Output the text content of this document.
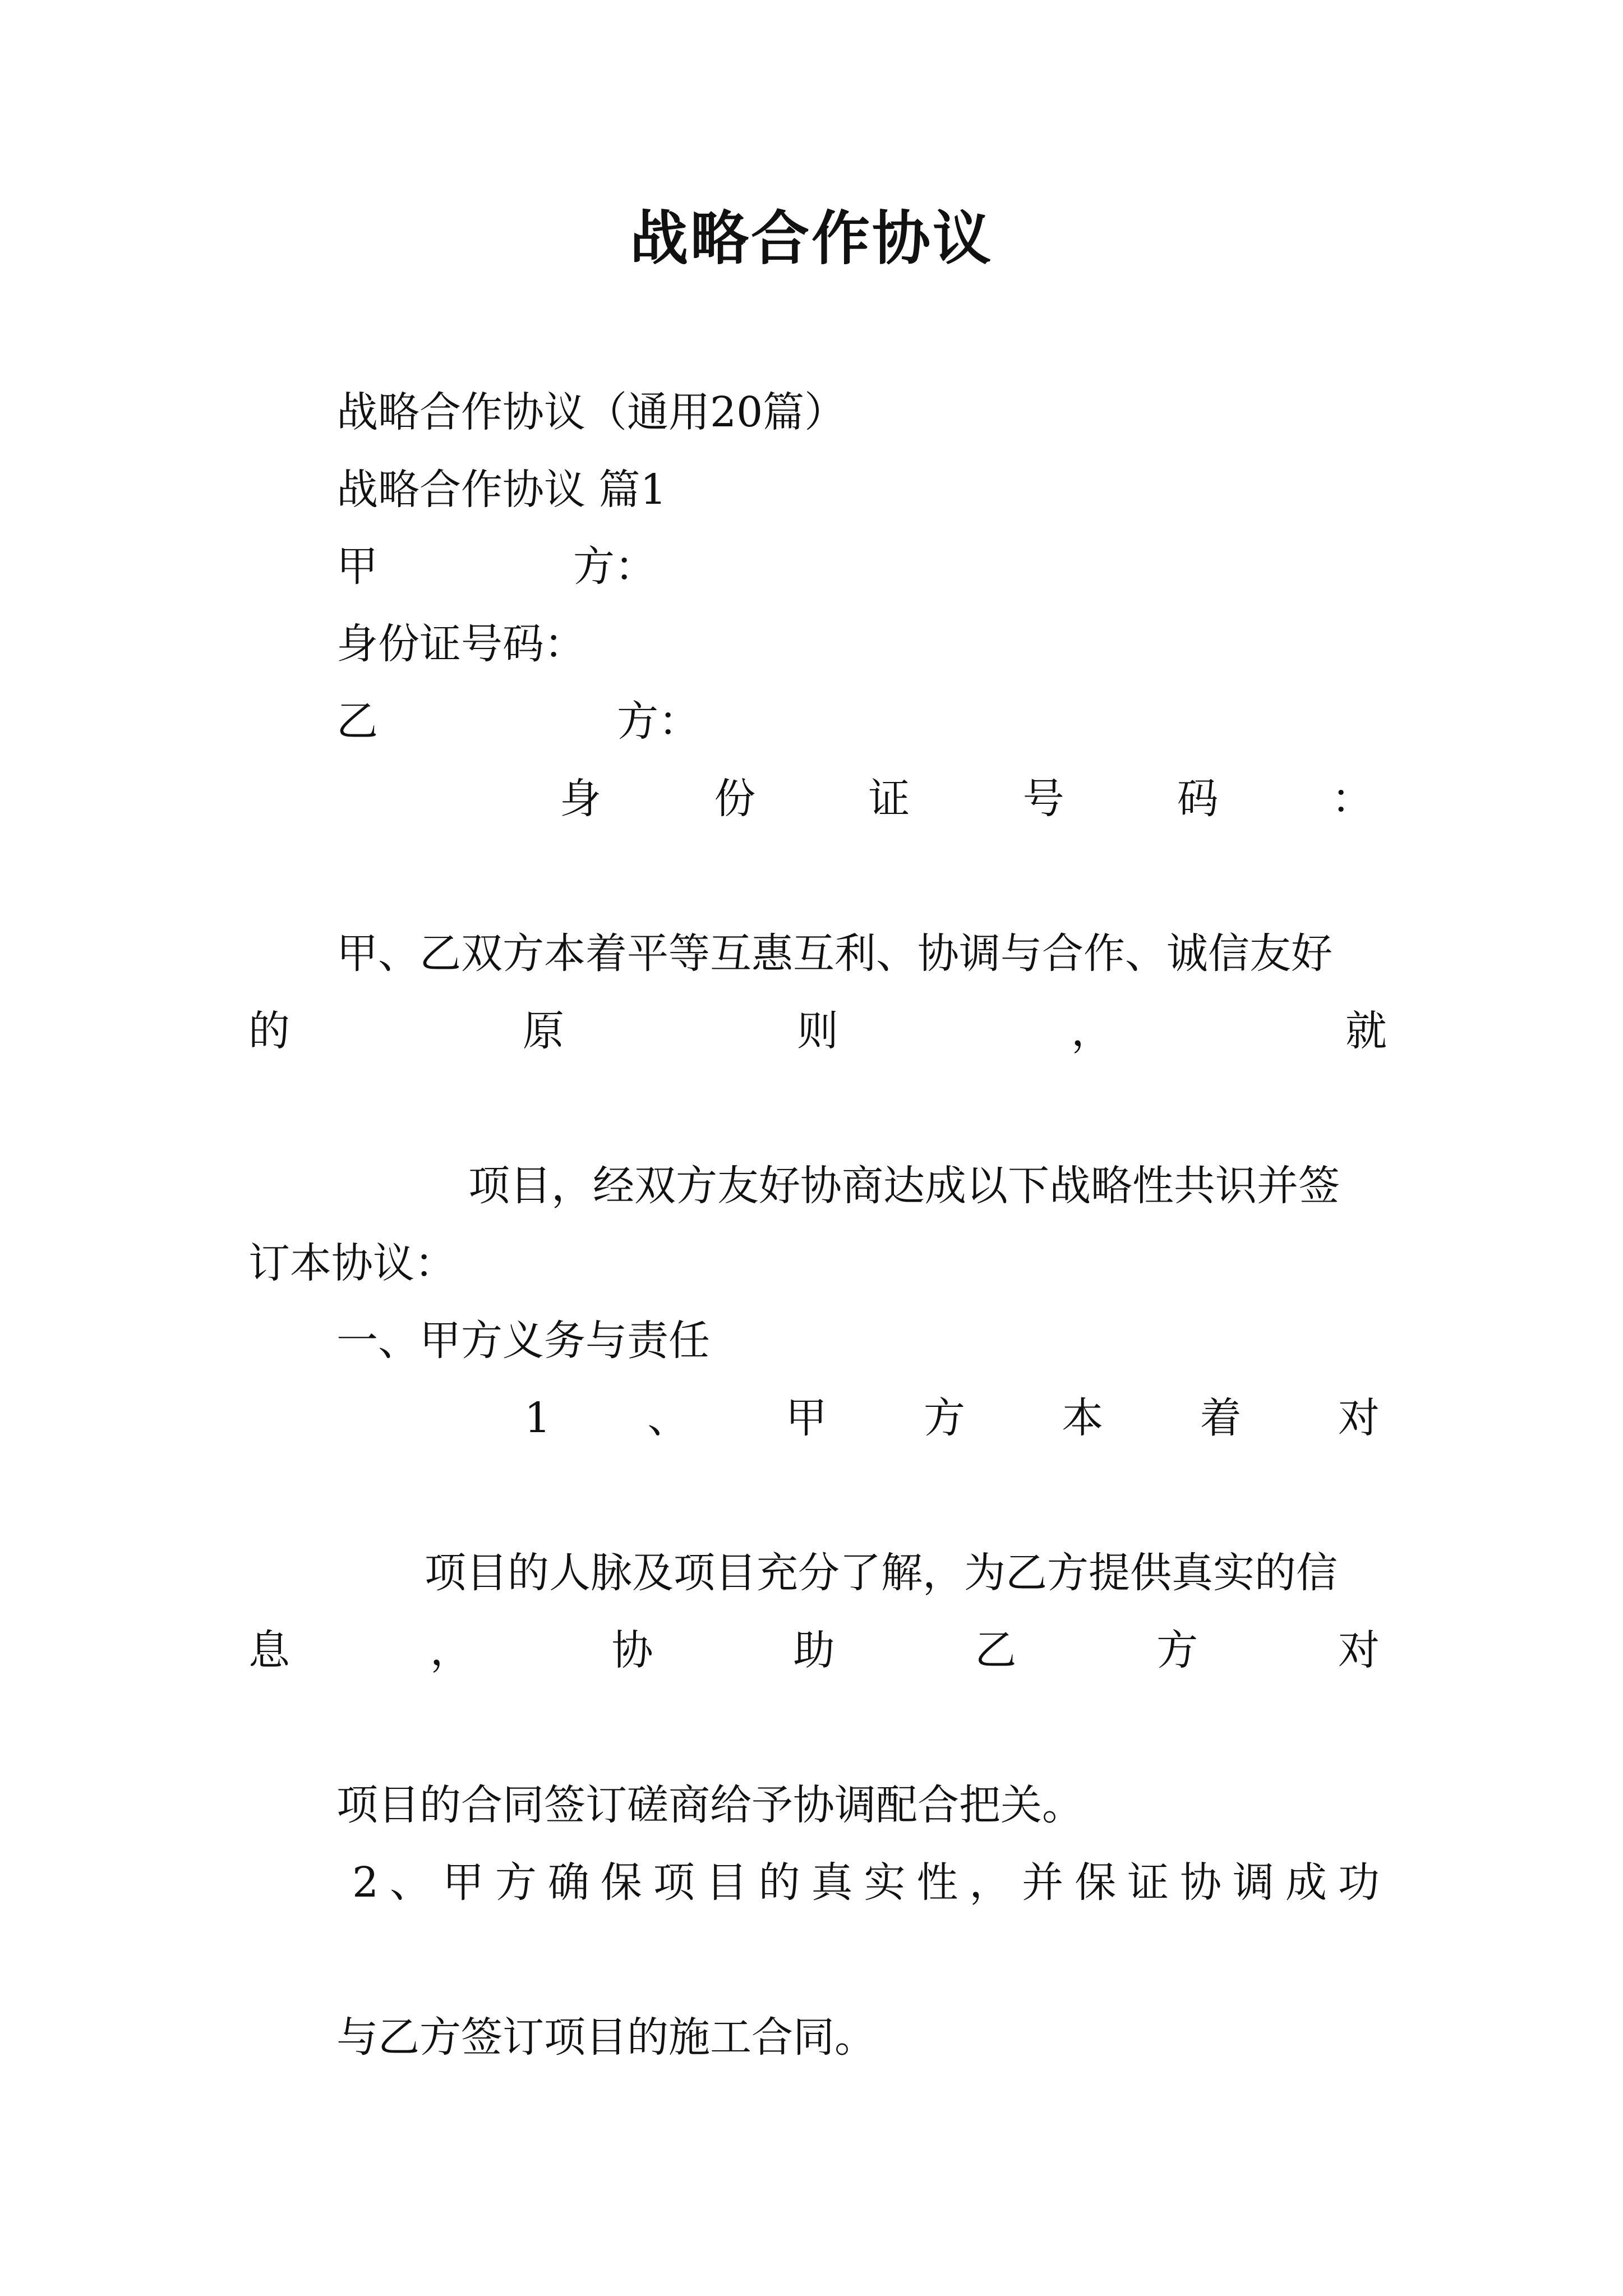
战略合作协议
战略合作协议（通用20篇）
战略合作协议 篇1
甲	方：
身份证号码：
乙	方：
身	份	证	号	码	：
甲、乙双方本着平等互惠互利、协调与合作、诚信友好
的	原	则	，	就
项目，经双方友好协商达成以下战略性共识并签
订本协议：
一、甲方义务与责任
1 、 甲 方 本 着 对
项目的人脉及项目充分了解，为乙方提供真实的信
息	，	协	助	乙	方	对
项目的合同签订磋商给予协调配合把关。
2 、 甲 方 确 保 项 目 的 真 实 性 ， 并 保 证 协 调 成 功
与乙方签订项目的施工合同。
